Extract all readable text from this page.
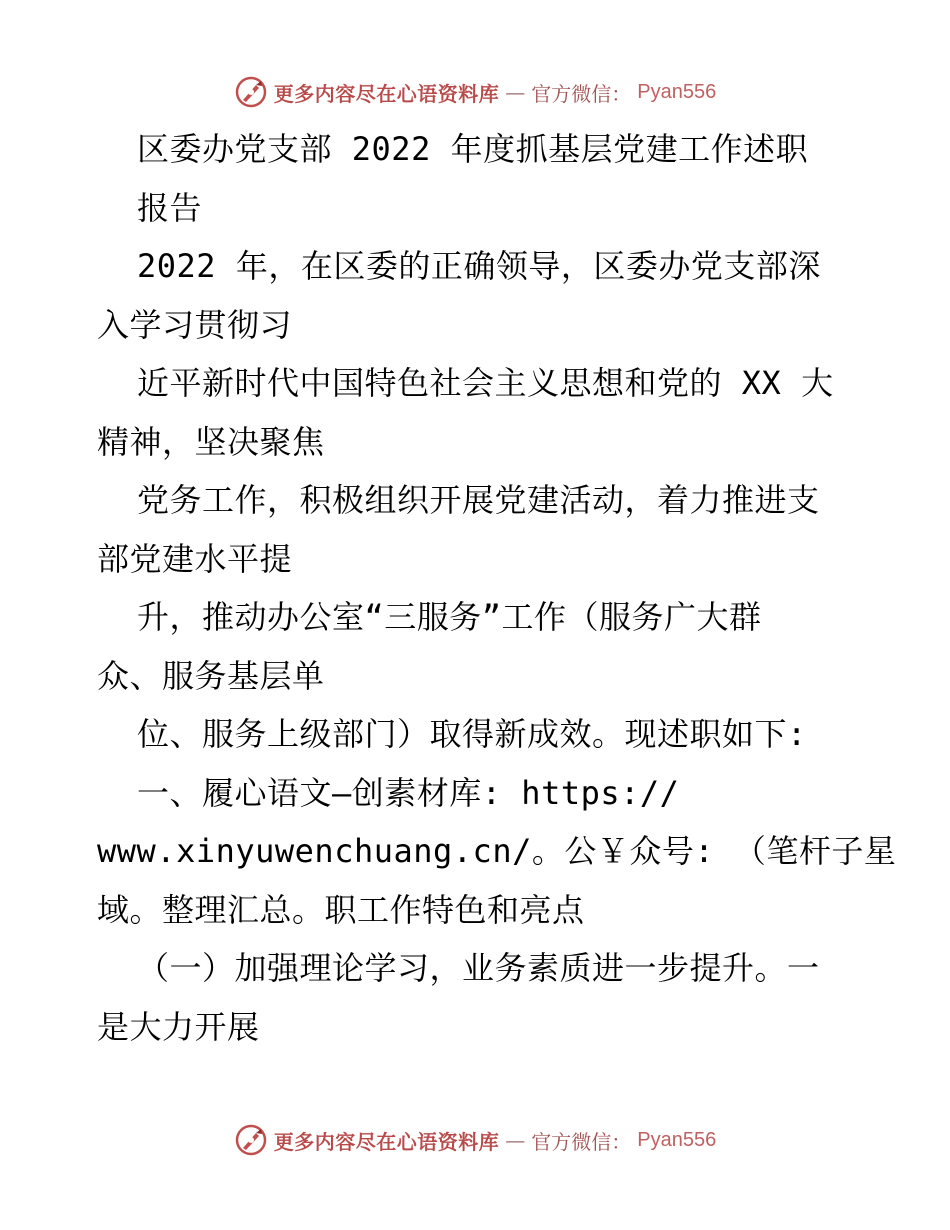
更多内容尽在心语资料库 — 官方微信： Pyan556
区委办党支部 2022 年度抓基层党建工作述职
报告
2022 年，在区委的正确领导，区委办党支部深
入学习贯彻习
近平新时代中国特色社会主义思想和党的 XX 大
精神，坚决聚焦
党务工作，积极组织开展党建活动，着力推进支
部党建水平提
升，推动办公室“三服务”工作（服务广大群
众、服务基层单
位、服务上级部门）取得新成效。现述职如下:
一、履心语文—创素材库: https://
www.xinyuwenchuang.cn/。公￥众号: （笔杆子星
域。整理汇总。职工作特色和亮点
（一）加强理论学习，业务素质进一步提升。一
是大力开展
更多内容尽在心语资料库 — 官方微信： Pyan556
